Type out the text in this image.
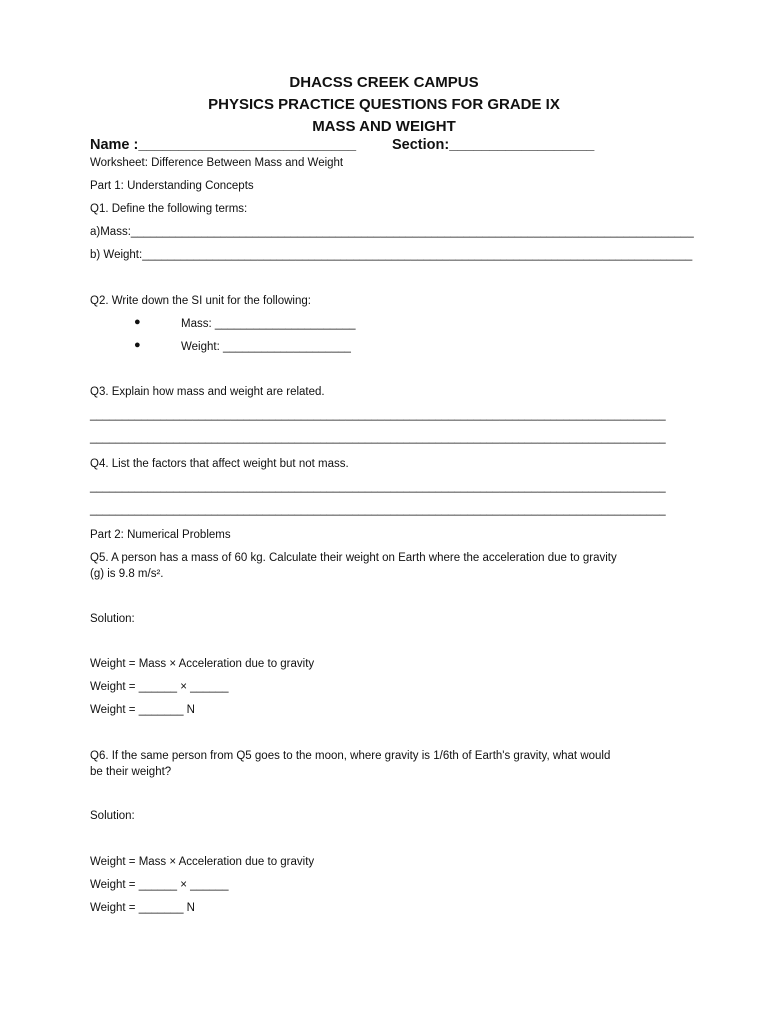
DHACSS CREEK CAMPUS
PHYSICS PRACTICE QUESTIONS FOR GRADE IX
MASS AND WEIGHT
Name :___________________________ Section:__________________
Worksheet: Difference Between Mass and Weight
Part 1: Understanding Concepts
Q1. Define the following terms:
a)Mass:________________________________________________________________________________________
b) Weight:______________________________________________________________________________________
Q2. Write down the SI unit for the following:
●	Mass: ______________________
●	Weight: ____________________
Q3. Explain how mass and weight are related.
__________________________________________________________________________________________
__________________________________________________________________________________________
Q4. List the factors that affect weight but not mass.
__________________________________________________________________________________________
__________________________________________________________________________________________
Part 2: Numerical Problems
Q5. A person has a mass of 60 kg. Calculate their weight on Earth where the acceleration due to gravity
(g) is 9.8 m/s².
Solution:
Weight = Mass × Acceleration due to gravity
Weight = ______ × ______
Weight = _______ N
Q6. If the same person from Q5 goes to the moon, where gravity is 1/6th of Earth's gravity, what would
be their weight?
Solution:
Weight = Mass × Acceleration due to gravity
Weight = ______ × ______
Weight = _______ N
